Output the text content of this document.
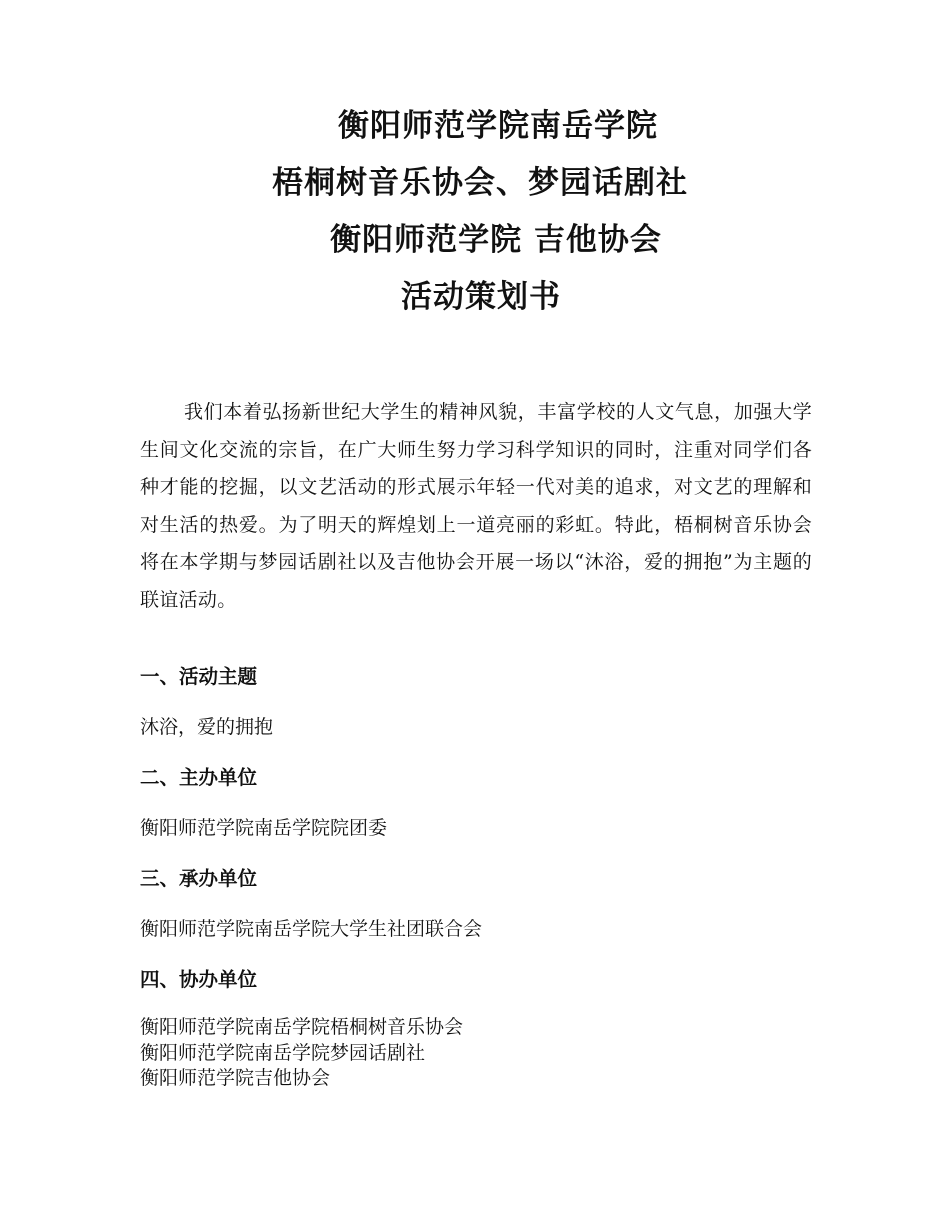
衡阳师范学院南岳学院
梧桐树音乐协会、梦园话剧社
衡阳师范学院 吉他协会
活动策划书

我们本着弘扬新世纪大学生的精神风貌，丰富学校的人文气息，加强大学生间文化交流的宗旨，在广大师生努力学习科学知识的同时，注重对同学们各种才能的挖掘，以文艺活动的形式展示年轻一代对美的追求，对文艺的理解和对生活的热爱。为了明天的辉煌划上一道亮丽的彩虹。特此，梧桐树音乐协会将在本学期与梦园话剧社以及吉他协会开展一场以“沐浴，爱的拥抱”为主题的联谊活动。

一、活动主题
沐浴，爱的拥抱
二、主办单位
衡阳师范学院南岳学院院团委
三、承办单位
衡阳师范学院南岳学院大学生社团联合会
四、协办单位
衡阳师范学院南岳学院梧桐树音乐协会
衡阳师范学院南岳学院梦园话剧社
衡阳师范学院吉他协会
